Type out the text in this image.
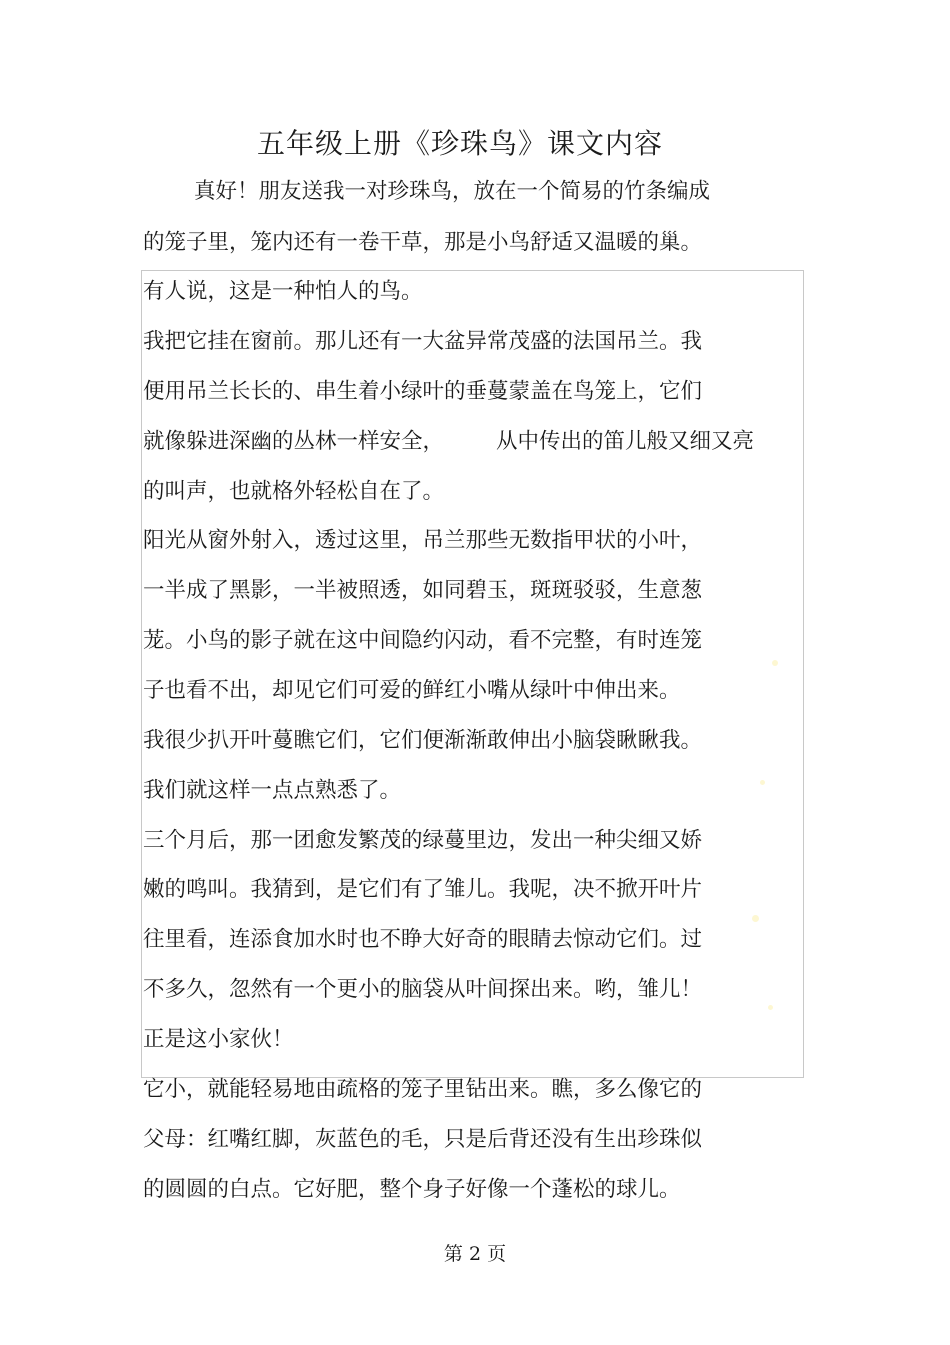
五年级上册《珍珠鸟》课文内容

真好！朋友送我一对珍珠鸟，放在一个简易的竹条编成

的笼子里，笼内还有一卷干草，那是小鸟舒适又温暖的巢。

有人说，这是一种怕人的鸟。

我把它挂在窗前。那儿还有一大盆异常茂盛的法国吊兰。我

便用吊兰长长的、串生着小绿叶的垂蔓蒙盖在鸟笼上，它们

就像躲进深幽的丛林一样安全， 从中传出的笛儿般又细又亮

的叫声，也就格外轻松自在了。

阳光从窗外射入，透过这里，吊兰那些无数指甲状的小叶，

一半成了黑影，一半被照透，如同碧玉，斑斑驳驳，生意葱

茏。小鸟的影子就在这中间隐约闪动，看不完整，有时连笼

子也看不出，却见它们可爱的鲜红小嘴从绿叶中伸出来。

我很少扒开叶蔓瞧它们，它们便渐渐敢伸出小脑袋瞅瞅我。

我们就这样一点点熟悉了。

三个月后，那一团愈发繁茂的绿蔓里边，发出一种尖细又娇

嫩的鸣叫。我猜到，是它们有了雏儿。我呢，决不掀开叶片

往里看，连添食加水时也不睁大好奇的眼睛去惊动它们。过

不多久，忽然有一个更小的脑袋从叶间探出来。哟，雏儿！

正是这小家伙！

它小，就能轻易地由疏格的笼子里钻出来。瞧，多么像它的

父母：红嘴红脚，灰蓝色的毛，只是后背还没有生出珍珠似

的圆圆的白点。它好肥，整个身子好像一个蓬松的球儿。

第 2 页
